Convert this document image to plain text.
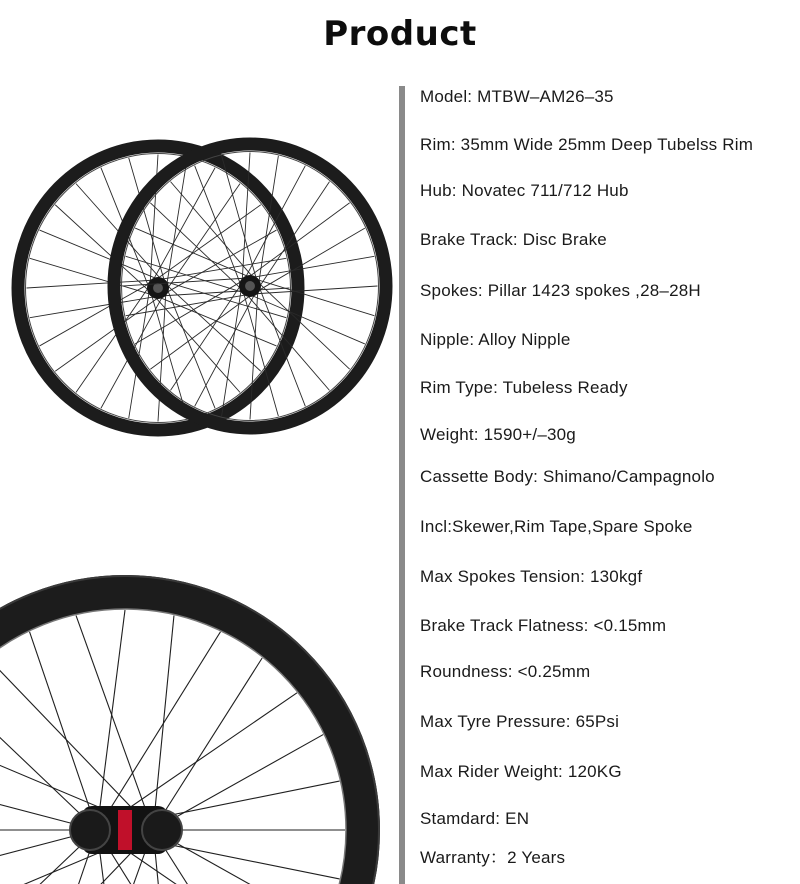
Product
Model: MTBW–AM26–35
Rim: 35mm Wide 25mm Deep Tubelss Rim
Hub: Novatec 711/712 Hub
Brake Track: Disc Brake
Spokes: Pillar 1423 spokes ,28–28H
Nipple: Alloy Nipple
Rim Type: Tubeless Ready
Weight: 1590+/–30g
Cassette Body: Shimano/Campagnolo
Incl:Skewer,Rim Tape,Spare Spoke
Max Spokes Tension: 130kgf
Brake Track Flatness: <0.15mm
Roundness: <0.25mm
Max Tyre Pressure: 65Psi
Max Rider Weight: 120KG
Stamdard: EN
Warranty：2 Years
